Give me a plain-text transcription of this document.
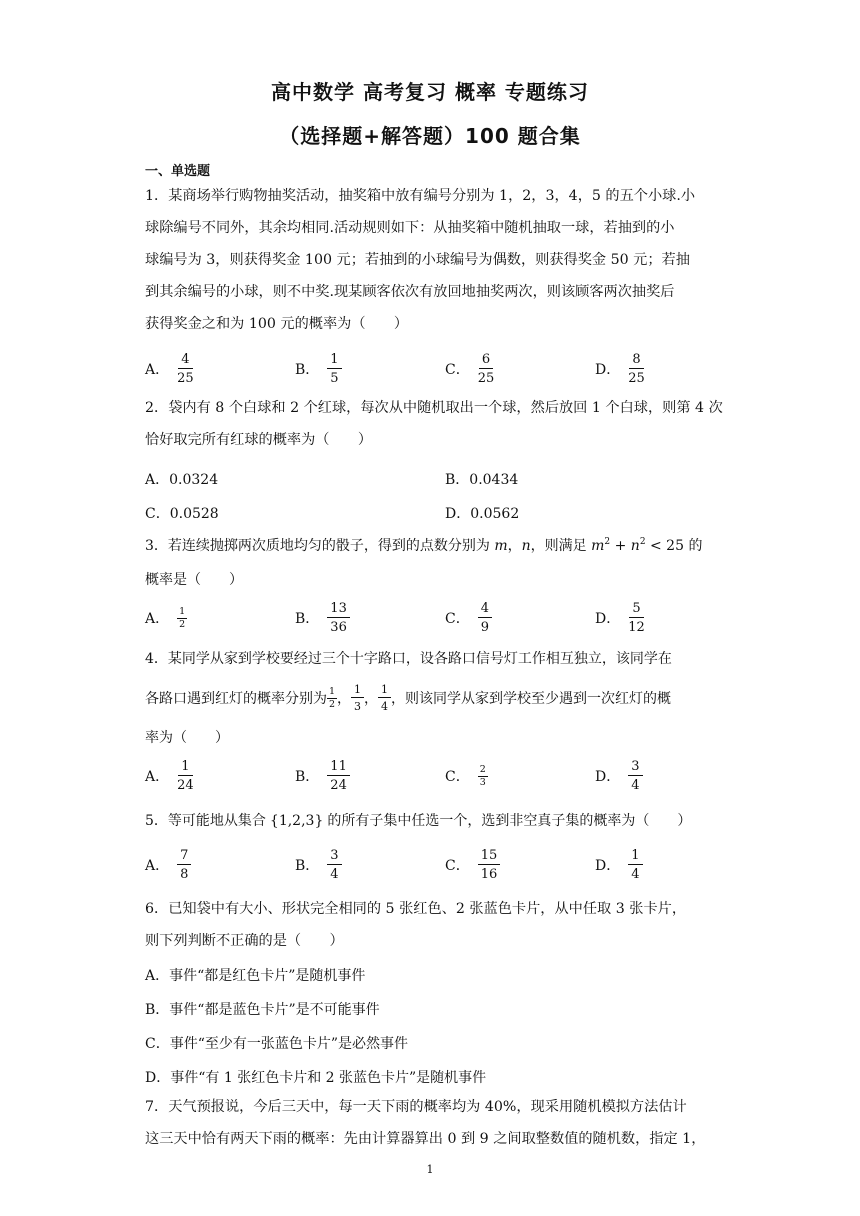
高中数学 高考复习 概率 专题练习
（选择题+解答题）100 题合集
一、单选题
1．某商场举行购物抽奖活动，抽奖箱中放有编号分别为 1，2，3，4，5 的五个小球.小
球除编号不同外，其余均相同.活动规则如下：从抽奖箱中随机抽取一球，若抽到的小
球编号为 3，则获得奖金 100 元；若抽到的小球编号为偶数，则获得奖金 50 元；若抽
到其余编号的小球，则不中奖.现某顾客依次有放回地抽奖两次，则该顾客两次抽奖后
获得奖金之和为 100 元的概率为（　　）
A． $\frac{4}{25}$	B． $\frac{1}{5}$	C． $\frac{6}{25}$	D． $\frac{8}{25}$
2．袋内有 8 个白球和 2 个红球，每次从中随机取出一个球，然后放回 1 个白球，则第 4 次
恰好取完所有红球的概率为（　　）
A．0.0324	B．0.0434
C．0.0528	D．0.0562
3．若连续抛掷两次质地均匀的骰子，得到的点数分别为 m，n，则满足 $m^2 + n^2 < 25$ 的
概率是（　　）
A． $\frac{1}{2}$	B． $\frac{13}{36}$	C． $\frac{4}{9}$	D． $\frac{5}{12}$
4．某同学从家到学校要经过三个十字路口，设各路口信号灯工作相互独立，该同学在
各路口遇到红灯的概率分别为 $\frac{1}{2}$ ， $\frac{1}{3}$ ， $\frac{1}{4}$ ，则该同学从家到学校至少遇到一次红灯的概
率为（　　）
A． $\frac{1}{24}$	B． $\frac{11}{24}$	C． $\frac{2}{3}$	D． $\frac{3}{4}$
5．等可能地从集合 {1,2,3} 的所有子集中任选一个，选到非空真子集的概率为（　　）
A． $\frac{7}{8}$	B． $\frac{3}{4}$	C． $\frac{15}{16}$	D． $\frac{1}{4}$
6．已知袋中有大小、形状完全相同的 5 张红色、2 张蓝色卡片，从中任取 3 张卡片，
则下列判断不正确的是（　　）
A．事件“都是红色卡片”是随机事件
B．事件“都是蓝色卡片”是不可能事件
C．事件“至少有一张蓝色卡片”是必然事件
D．事件“有 1 张红色卡片和 2 张蓝色卡片”是随机事件
7．天气预报说，今后三天中，每一天下雨的概率均为 40%，现采用随机模拟方法估计
这三天中恰有两天下雨的概率：先由计算器算出 0 到 9 之间取整数值的随机数，指定 1，
1
